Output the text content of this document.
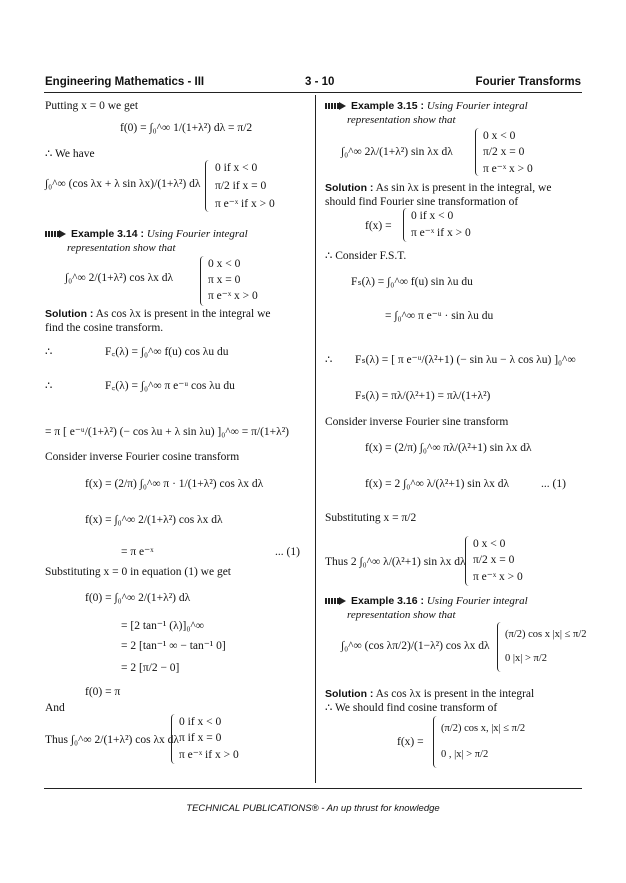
Engineering Mathematics - III	3 - 10	Fourier Transforms
Putting x = 0 we get
f(0) = ∫₀^∞ 1/(1+λ²) dλ = π/2
∴ We have
∫₀^∞ (cos λx + λ sin λx)/(1+λ²) dλ
0 if x < 0
π/2 if x = 0
π e⁻ˣ if x > 0
Example 3.14 : Using Fourier integral
representation show that
∫₀^∞ 2/(1+λ²) cos λx dλ
0 x < 0
π x = 0
π e⁻ˣ x > 0
Solution : As cos λx is present in the integral we
find the cosine transform.
∴	F꜀(λ) = ∫₀^∞ f(u) cos λu du
∴	F꜀(λ) = ∫₀^∞ π e⁻ᵘ cos λu du
= π [ e⁻ᵘ/(1+λ²) (− cos λu + λ sin λu) ]₀^∞ = π/(1+λ²)
Consider inverse Fourier cosine transform
f(x) = (2/π) ∫₀^∞ π · 1/(1+λ²) cos λx dλ
f(x) = ∫₀^∞ 2/(1+λ²) cos λx dλ
= π e⁻ˣ	... (1)
Substituting x = 0 in equation (1) we get
f(0) = ∫₀^∞ 2/(1+λ²) dλ
= [2 tan⁻¹ (λ)]₀^∞
= 2 [tan⁻¹ ∞ − tan⁻¹ 0]
= 2 [π/2 − 0]
f(0) = π
And
Thus ∫₀^∞ 2/(1+λ²) cos λx dλ
0 if x < 0
π if x = 0
π e⁻ˣ if x > 0
Example 3.15 : Using Fourier integral
representation show that
∫₀^∞ 2λ/(1+λ²) sin λx dλ
0 x < 0
π/2 x = 0
π e⁻ˣ x > 0
Solution : As sin λx is present in the integral, we
should find Fourier sine transformation of
f(x) =
0 if x < 0
π e⁻ˣ if x > 0
∴ Consider F.S.T.
Fₛ(λ) = ∫₀^∞ f(u) sin λu du
= ∫₀^∞ π e⁻ᵘ · sin λu du
∴ Fₛ(λ) = [ π e⁻ᵘ/(λ²+1) (− sin λu − λ cos λu) ]₀^∞
Fₛ(λ) = πλ/(λ²+1) = πλ/(1+λ²)
Consider inverse Fourier sine transform
f(x) = (2/π) ∫₀^∞ πλ/(λ²+1) sin λx dλ
f(x) = 2 ∫₀^∞ λ/(λ²+1) sin λx dλ	... (1)
Substituting x = π/2
Thus 2 ∫₀^∞ λ/(λ²+1) sin λx dλ
0 x < 0
π/2 x = 0
π e⁻ˣ x > 0
Example 3.16 : Using Fourier integral
representation show that
∫₀^∞ (cos λπ/2)/(1−λ²) cos λx dλ
(π/2) cos x |x| ≤ π/2
0 |x| > π/2
Solution : As cos λx is present in the integral
∴ We should find cosine transform of
f(x) =
(π/2) cos x, |x| ≤ π/2
0 , |x| > π/2
TECHNICAL PUBLICATIONS® - An up thrust for knowledge
